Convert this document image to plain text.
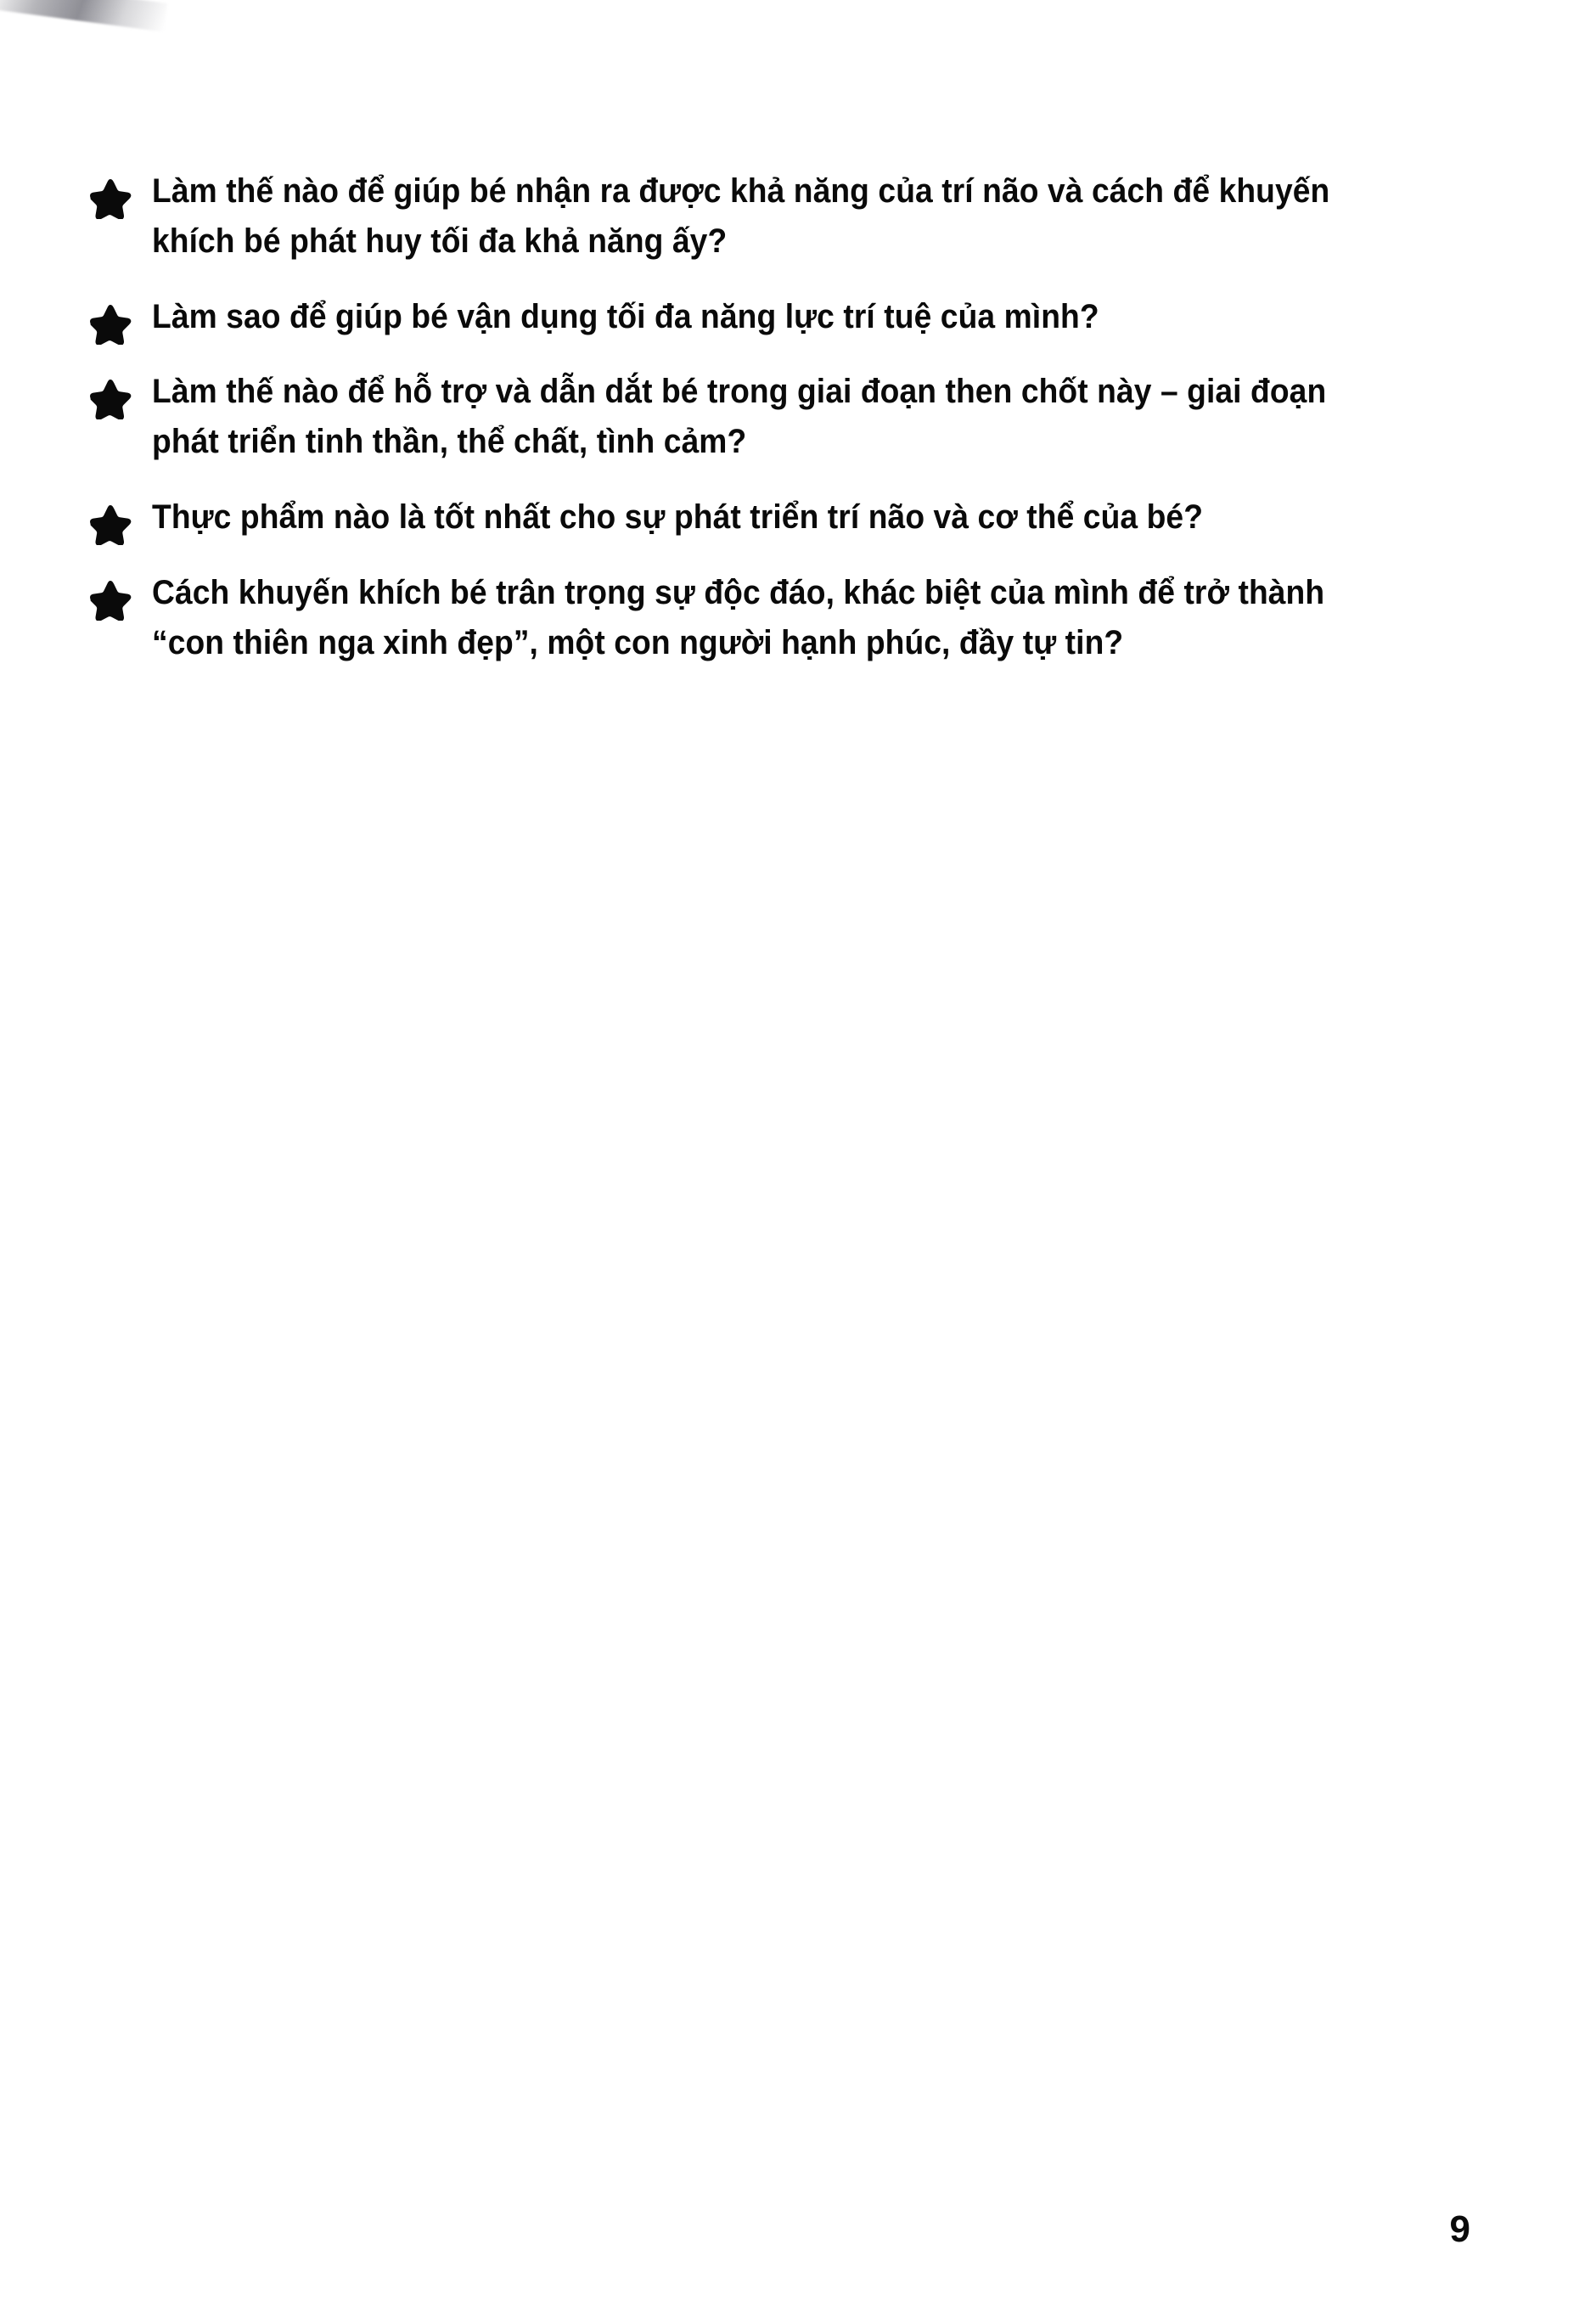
Làm thế nào để giúp bé nhận ra được khả năng của trí não và cách để khuyến khích bé phát huy tối đa khả năng ấy?
Làm sao để giúp bé vận dụng tối đa năng lực trí tuệ của mình?
Làm thế nào để hỗ trợ và dẫn dắt bé trong giai đoạn then chốt này – giai đoạn phát triển tinh thần, thể chất, tình cảm?
Thực phẩm nào là tốt nhất cho sự phát triển trí não và cơ thể của bé?
Cách khuyến khích bé trân trọng sự độc đáo, khác biệt của mình để trở thành “con thiên nga xinh đẹp”, một con người hạnh phúc, đầy tự tin?
9
